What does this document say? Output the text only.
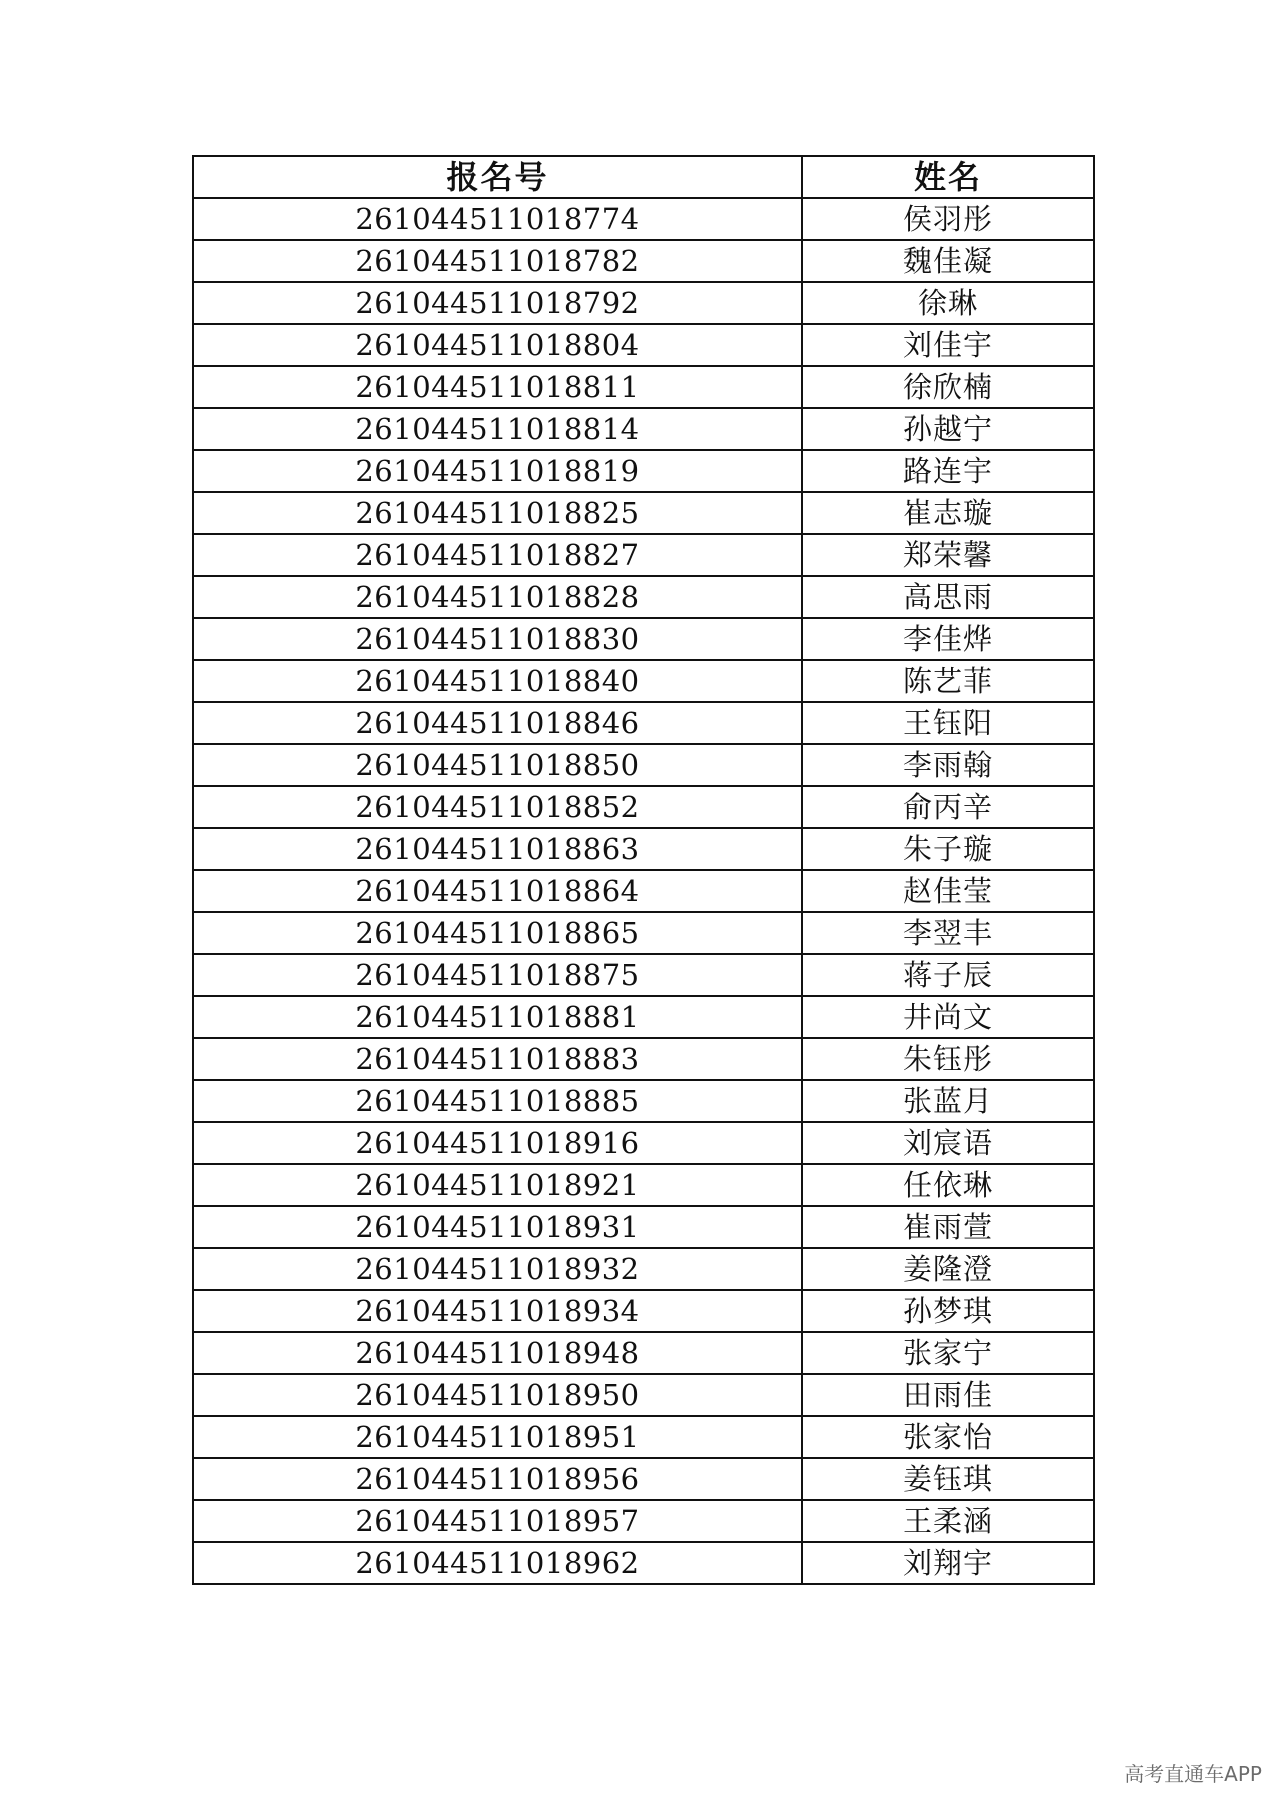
报名号	姓名
261044511018774	侯羽彤
261044511018782	魏佳凝
261044511018792	徐琳
261044511018804	刘佳宇
261044511018811	徐欣楠
261044511018814	孙越宁
261044511018819	路连宇
261044511018825	崔志璇
261044511018827	郑荣馨
261044511018828	高思雨
261044511018830	李佳烨
261044511018840	陈艺菲
261044511018846	王钰阳
261044511018850	李雨翰
261044511018852	俞丙辛
261044511018863	朱子璇
261044511018864	赵佳莹
261044511018865	李翌丰
261044511018875	蒋子辰
261044511018881	井尚文
261044511018883	朱钰彤
261044511018885	张蓝月
261044511018916	刘宸语
261044511018921	任依琳
261044511018931	崔雨萱
261044511018932	姜隆澄
261044511018934	孙梦琪
261044511018948	张家宁
261044511018950	田雨佳
261044511018951	张家怡
261044511018956	姜钰琪
261044511018957	王柔涵
261044511018962	刘翔宇
高考直通车APP
